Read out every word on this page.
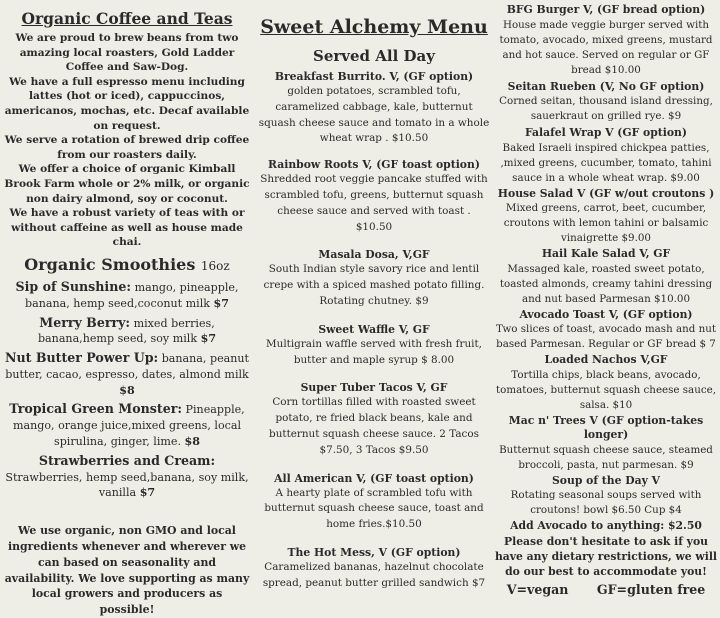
Organic Coffee and Teas

We are proud to brew beans from two amazing local roasters, Gold Ladder Coffee and Saw-Dog.

We have a full espresso menu including lattes (hot or iced), cappuccinos, americanos, mochas, etc. Decaf available on request.

We serve a rotation of brewed drip coffee from our roasters daily.

We offer a choice of organic Kimball Brook Farm whole or 2% milk, or organic non dairy almond, soy or coconut.

We have a robust variety of teas with or without caffeine as well as house made chai.

Organic Smoothies 16oz
Sip of Sunshine: mango, pineapple, banana, hemp seed,coconut milk $7
Merry Berry: mixed berries, banana,hemp seed, soy milk $7
Nut Butter Power Up: banana, peanut butter, cacao, espresso, dates, almond milk $8
Tropical Green Monster: Pineapple, mango, orange juice,mixed greens, local spirulina, ginger, lime. $8
Strawberries and Cream: Strawberries, hemp seed,banana, soy milk, vanilla $7

We use organic, non GMO and local ingredients whenever and wherever we can based on seasonality and availability. We love supporting as many local growers and producers as possible!

Sweet Alchemy Menu
Served All Day
Breakfast Burrito. V, (GF option)
golden potatoes, scrambled tofu, caramelized cabbage, kale, butternut squash cheese sauce and tomato in a whole wheat wrap . $10.50
Rainbow Roots V, (GF toast option)
Shredded root veggie pancake stuffed with scrambled tofu, greens, butternut squash cheese sauce and served with toast . $10.50
Masala Dosa, V,GF
South Indian style savory rice and lentil crepe with a spiced mashed potato filling. Rotating chutney. $9
Sweet Waffle V, GF
Multigrain waffle served with fresh fruit, butter and maple syrup $ 8.00
Super Tuber Tacos V, GF
Corn tortillas filled with roasted sweet potato, re fried black beans, kale and butternut squash cheese sauce. 2 Tacos $7.50, 3 Tacos $9.50
All American V, (GF toast option)
A hearty plate of scrambled tofu with butternut squash cheese sauce, toast and home fries.$10.50
The Hot Mess, V (GF option)
Caramelized bananas, hazelnut chocolate spread, peanut butter grilled sandwich $7
BFG Burger V, (GF bread option)
House made veggie burger served with tomato, avocado, mixed greens, mustard and hot sauce. Served on regular or GF bread $10.00
Seitan Rueben (V, No GF option)
Corned seitan, thousand island dressing, sauerkraut on grilled rye. $9
Falafel Wrap V (GF option)
Baked Israeli inspired chickpea patties, ,mixed greens, cucumber, tomato, tahini sauce in a whole wheat wrap. $9.00
House Salad V (GF w/out croutons )
Mixed greens, carrot, beet, cucumber, croutons with lemon tahini or balsamic vinaigrette $9.00
Hail Kale Salad V, GF
Massaged kale, roasted sweet potato, toasted almonds, creamy tahini dressing and nut based Parmesan $10.00
Avocado Toast V, (GF option)
Two slices of toast, avocado mash and nut based Parmesan. Regular or GF bread $ 7
Loaded Nachos V,GF
Tortilla chips, black beans, avocado, tomatoes, butternut squash cheese sauce, salsa. $10
Mac n' Trees V (GF option-takes longer)
Butternut squash cheese sauce, steamed broccoli, pasta, nut parmesan. $9
Soup of the Day V
Rotating seasonal soups served with croutons! bowl $6.50 Cup $4
Add Avocado to anything: $2.50
Please don't hesitate to ask if you have any dietary restrictions, we will do our best to accommodate you!
V=vegan GF=gluten free
